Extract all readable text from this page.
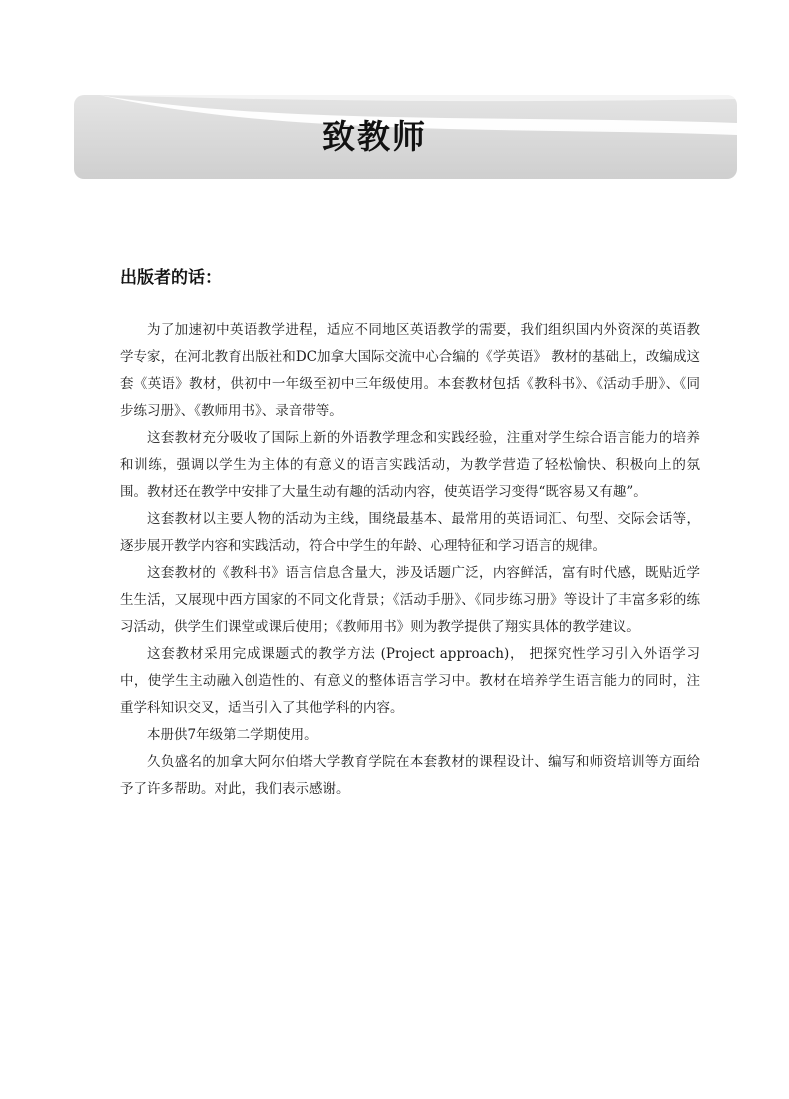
致教师
出版者的话：

为了加速初中英语教学进程，适应不同地区英语教学的需要，我们组织国内外资深的英语教学专家，在河北教育出版社和DC加拿大国际交流中心合编的《学英语》 教材的基础上，改编成这套《英语》教材，供初中一年级至初中三年级使用。本套教材包括《教科书》、《活动手册》、《同步练习册》、《教师用书》、录音带等。

这套教材充分吸收了国际上新的外语教学理念和实践经验，注重对学生综合语言能力的培养和训练，强调以学生为主体的有意义的语言实践活动，为教学营造了轻松愉快、积极向上的氛围。教材还在教学中安排了大量生动有趣的活动内容，使英语学习变得“既容易又有趣”。

这套教材以主要人物的活动为主线，围绕最基本、最常用的英语词汇、句型、交际会话等，逐步展开教学内容和实践活动，符合中学生的年龄、心理特征和学习语言的规律。

这套教材的《教科书》语言信息含量大，涉及话题广泛，内容鲜活，富有时代感，既贴近学生生活，又展现中西方国家的不同文化背景；《活动手册》、《同步练习册》等设计了丰富多彩的练习活动，供学生们课堂或课后使用；《教师用书》则为教学提供了翔实具体的教学建议。

这套教材采用完成课题式的教学方法 (Project approach)， 把探究性学习引入外语学习中，使学生主动融入创造性的、有意义的整体语言学习中。教材在培养学生语言能力的同时，注重学科知识交叉，适当引入了其他学科的内容。

本册供7年级第二学期使用。

久负盛名的加拿大阿尔伯塔大学教育学院在本套教材的课程设计、编写和师资培训等方面给予了许多帮助。对此，我们表示感谢。
